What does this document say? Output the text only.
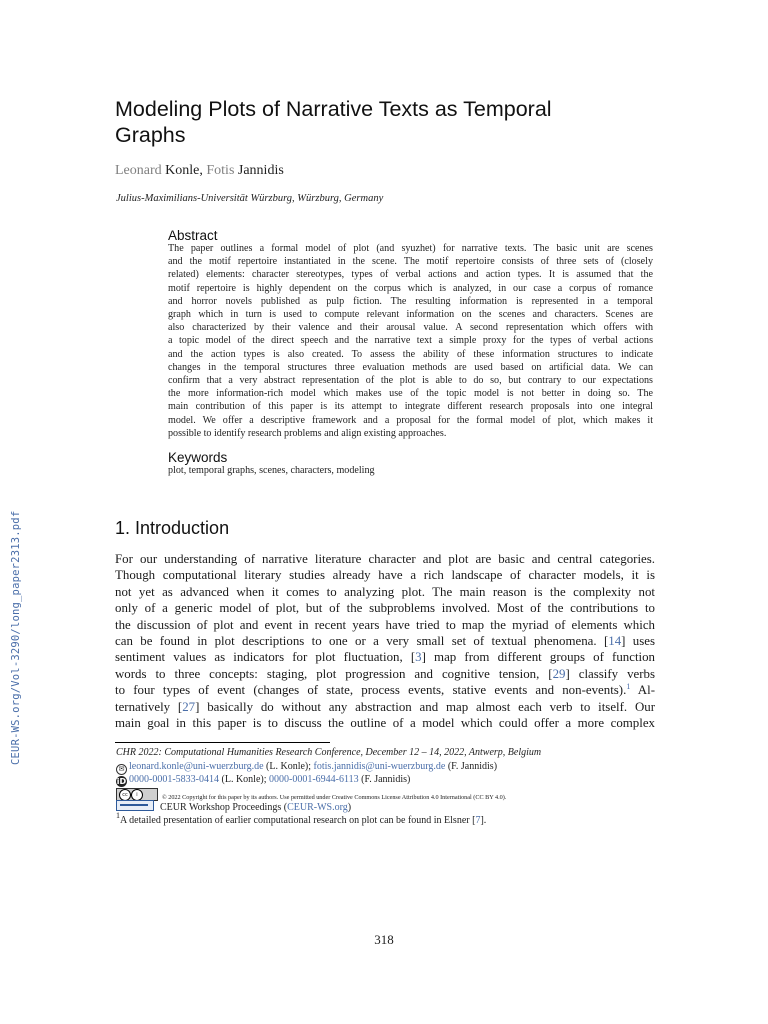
CEUR-WS.org/Vol-3290/long_paper2313.pdf
Modeling Plots of Narrative Texts as Temporal
Graphs
Leonard Konle, Fotis Jannidis
Julius-Maximilians-Universität Würzburg, Würzburg, Germany
Abstract
The paper outlines a formal model of plot (and syuzhet) for narrative texts. The basic unit are scenes
and the motif repertoire instantiated in the scene. The motif repertoire consists of three sets of (closely
related) elements: character stereotypes, types of verbal actions and action types. It is assumed that the
motif repertoire is highly dependent on the corpus which is analyzed, in our case a corpus of romance
and horror novels published as pulp fiction. The resulting information is represented in a temporal
graph which in turn is used to compute relevant information on the scenes and characters. Scenes are
also characterized by their valence and their arousal value. A second representation which offers with
a topic model of the direct speech and the narrative text a simple proxy for the types of verbal actions
and the action types is also created. To assess the ability of these information structures to indicate
changes in the temporal structures three evaluation methods are used based on artificial data. We can
confirm that a very abstract representation of the plot is able to do so, but contrary to our expectations
the more information-rich model which makes use of the topic model is not better in doing so. The
main contribution of this paper is its attempt to integrate different research proposals into one integral
model. We offer a descriptive framework and a proposal for the formal model of plot, which makes it
possible to identify research problems and align existing approaches.
Keywords
plot, temporal graphs, scenes, characters, modeling
1. Introduction
For our understanding of narrative literature character and plot are basic and central categories.
Though computational literary studies already have a rich landscape of character models, it is
not yet as advanced when it comes to analyzing plot. The main reason is the complexity not
only of a generic model of plot, but of the subproblems involved. Most of the contributions to
the discussion of plot and event in recent years have tried to map the myriad of elements which
can be found in plot descriptions to one or a very small set of textual phenomena. [14] uses
sentiment values as indicators for plot fluctuation, [3] map from different groups of function
words to three concepts: staging, plot progression and cognitive tension, [29] classify verbs
to four types of event (changes of state, process events, stative events and non-events).$^1$ Al-
ternatively [27] basically do without any abstraction and map almost each verb to itself. Our
main goal in this paper is to discuss the outline of a model which could offer a more complex
CHR 2022: Computational Humanities Research Conference, December 12 – 14, 2022, Antwerp, Belgium
✉ leonard.konle@uni-wuerzburg.de (L. Konle); fotis.jannidis@uni-wuerzburg.de (F. Jannidis)
iD 0000-0001-5833-0414 (L. Konle); 0000-0001-6944-6113 (F. Jannidis)
cc	i	© 2022 Copyright for this paper by its authors. Use permitted under Creative Commons License Attribution 4.0 International (CC BY 4.0).
CEUR Workshop Proceedings (CEUR-WS.org)
$^1$A detailed presentation of earlier computational research on plot can be found in Elsner [7].
318
